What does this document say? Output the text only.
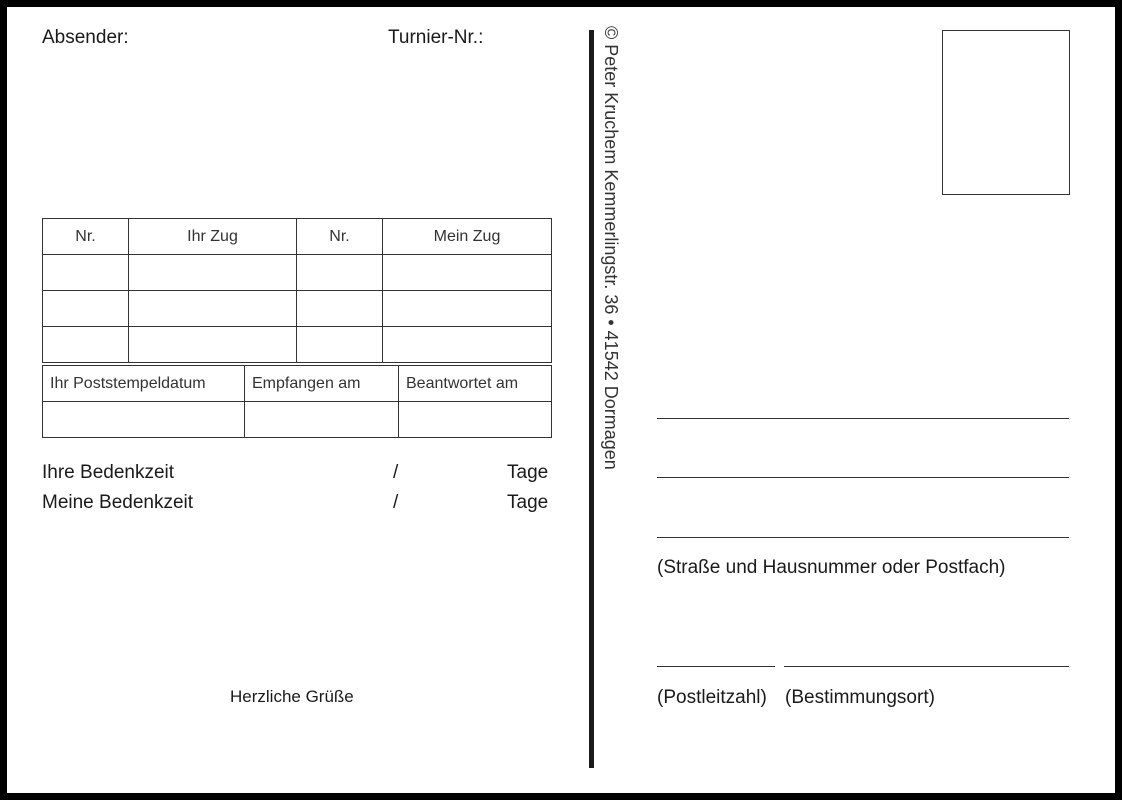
Absender:	Turnier-Nr.:
Nr.	Ihr Zug	Nr.	Mein Zug

Ihr Poststempeldatum	Empfangen am	Beantwortet am

Ihre Bedenkzeit	/	Tage
Meine Bedenkzeit	/	Tage
Herzliche Grüße
© Peter Kruchem Kemmerlingstr. 36 • 41542 Dormagen
(Straße und Hausnummer oder Postfach)
(Postleitzahl) (Bestimmungsort)
